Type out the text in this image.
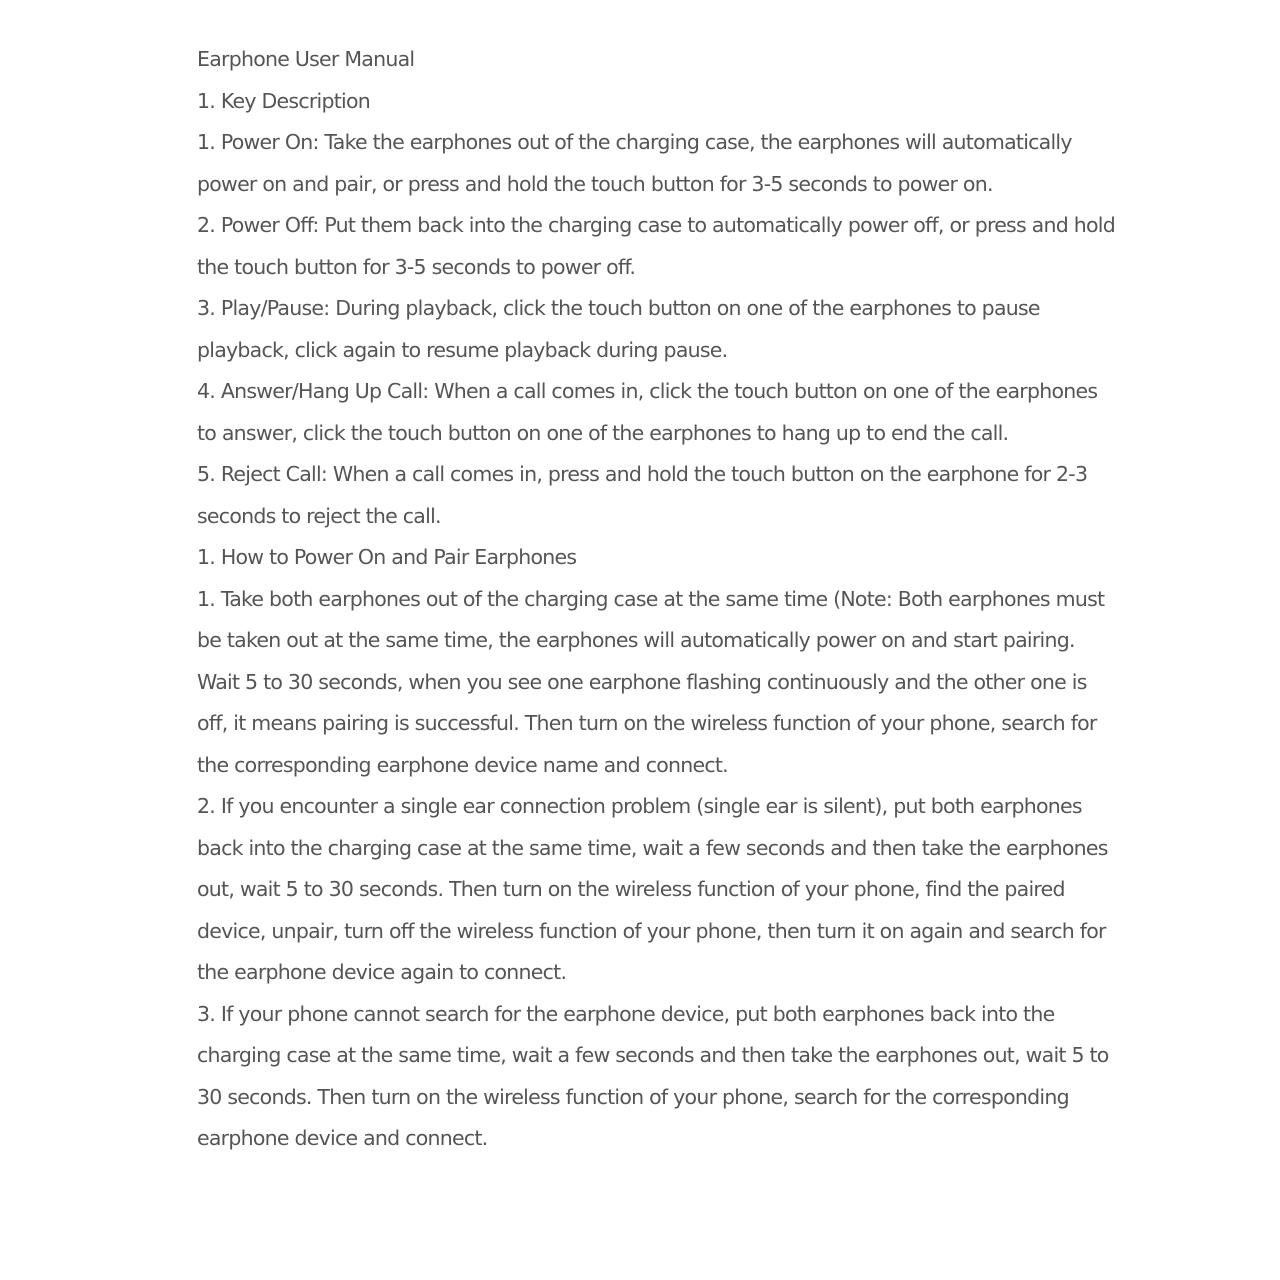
Earphone User Manual

1. Key Description

1. Power On: Take the earphones out of the charging case, the earphones will automatically power on and pair, or press and hold the touch button for 3-5 seconds to power on.

2. Power Off: Put them back into the charging case to automatically power off, or press and hold the touch button for 3-5 seconds to power off.

3. Play/Pause: During playback, click the touch button on one of the earphones to pause playback, click again to resume playback during pause.

4. Answer/Hang Up Call: When a call comes in, click the touch button on one of the earphones to answer, click the touch button on one of the earphones to hang up to end the call.

5. Reject Call: When a call comes in, press and hold the touch button on the earphone for 2-3 seconds to reject the call.

1. How to Power On and Pair Earphones

1. Take both earphones out of the charging case at the same time (Note: Both earphones must be taken out at the same time, the earphones will automatically power on and start pairing. Wait 5 to 30 seconds, when you see one earphone flashing continuously and the other one is off, it means pairing is successful. Then turn on the wireless function of your phone, search for the corresponding earphone device name and connect.

2. If you encounter a single ear connection problem (single ear is silent), put both earphones back into the charging case at the same time, wait a few seconds and then take the earphones out, wait 5 to 30 seconds. Then turn on the wireless function of your phone, find the paired device, unpair, turn off the wireless function of your phone, then turn it on again and search for the earphone device again to connect.

3. If your phone cannot search for the earphone device, put both earphones back into the charging case at the same time, wait a few seconds and then take the earphones out, wait 5 to 30 seconds. Then turn on the wireless function of your phone, search for the corresponding earphone device and connect.
